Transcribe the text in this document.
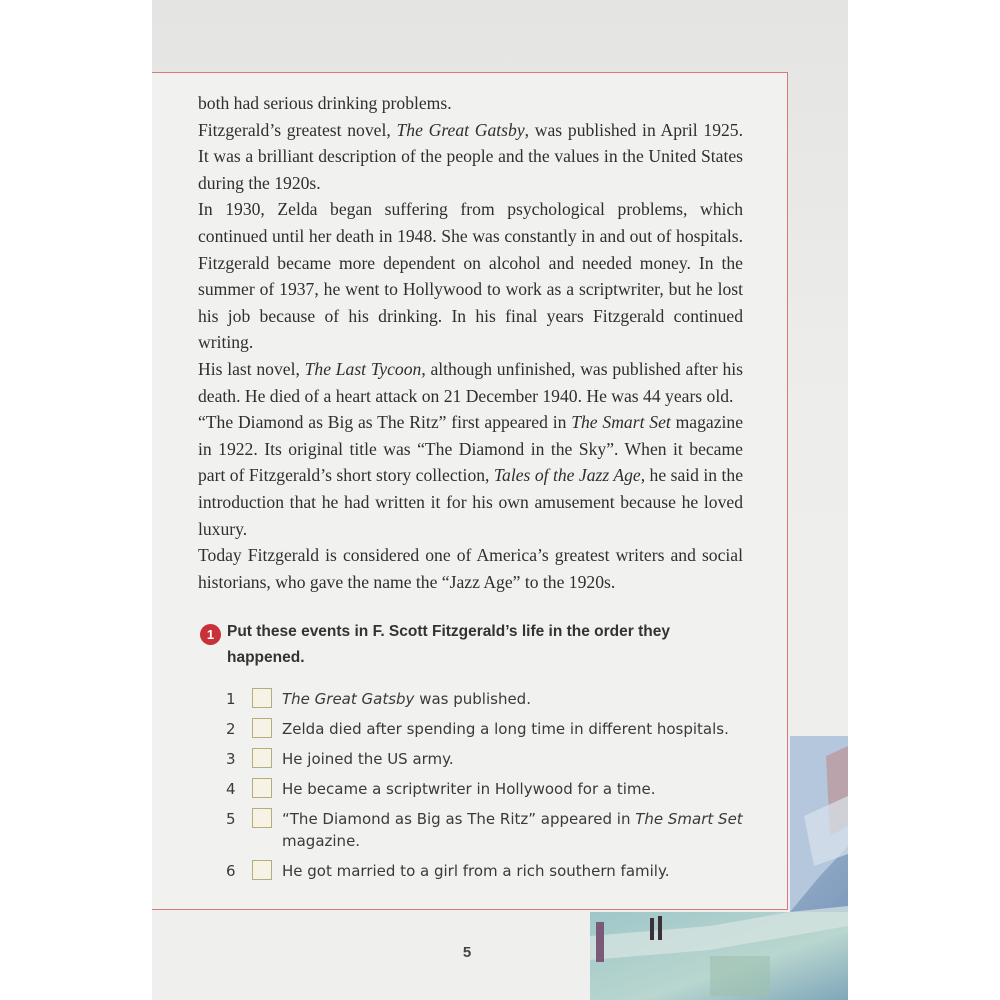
both had serious drinking problems.

Fitzgerald’s greatest novel, The Great Gatsby, was published in April 1925. It was a brilliant description of the people and the values in the United States during the 1920s.

In 1930, Zelda began suffering from psychological problems, which continued until her death in 1948. She was constantly in and out of hospitals. Fitzgerald became more dependent on alcohol and needed money. In the summer of 1937, he went to Hollywood to work as a scriptwriter, but he lost his job because of his drinking. In his final years Fitzgerald continued writing.

His last novel, The Last Tycoon, although unfinished, was published after his death. He died of a heart attack on 21 December 1940. He was 44 years old.

“The Diamond as Big as The Ritz” first appeared in The Smart Set magazine in 1922. Its original title was “The Diamond in the Sky”. When it became part of Fitzgerald’s short story collection, Tales of the Jazz Age, he said in the introduction that he had written it for his own amusement because he loved luxury.

Today Fitzgerald is considered one of America’s greatest writers and social historians, who gave the name the “Jazz Age” to the 1920s.

1 Put these events in F. Scott Fitzgerald’s life in the order they happened.
1	The Great Gatsby was published.
2	Zelda died after spending a long time in different hospitals.
3	He joined the US army.
4	He became a scriptwriter in Hollywood for a time.
5	“The Diamond as Big as The Ritz” appeared in The Smart Set magazine.
6	He got married to a girl from a rich southern family.
5
